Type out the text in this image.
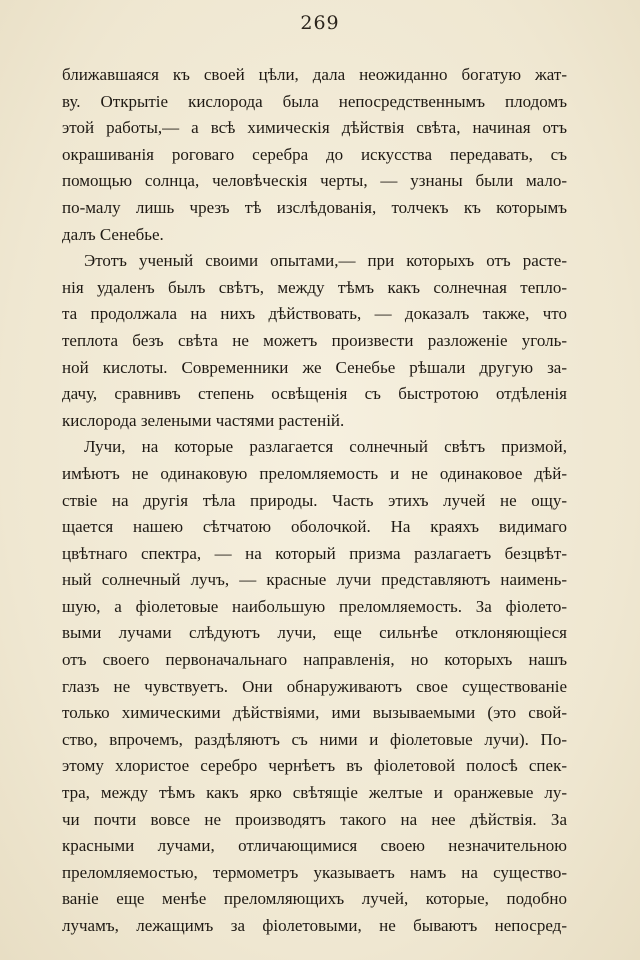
269
ближавшаяся къ своей цѣли, дала неожиданно богатую жат-
ву. Открытіе кислорода была непосредственнымъ плодомъ
этой работы,— а всѣ химическія дѣйствія свѣта, начиная отъ
окрашиванія роговаго серебра до искусства передавать, съ
помощью солнца, человѣческія черты, — узнаны были мало-
по-малу лишь чрезъ тѣ изслѣдованія, толчекъ къ которымъ
далъ Сенебье.
Этотъ ученый своими опытами,— при которыхъ отъ расте-
нія удаленъ былъ свѣтъ, между тѣмъ какъ солнечная тепло-
та продолжала на нихъ дѣйствовать, — доказалъ также, что
теплота безъ свѣта не можетъ произвести разложеніе уголь-
ной кислоты. Современники же Сенебье рѣшали другую за-
дачу, сравнивъ степень освѣщенія съ быстротою отдѣленія
кислорода зелеными частями растеній.
Лучи, на которые разлагается солнечный свѣтъ призмой,
имѣютъ не одинаковую преломляемость и не одинаковое дѣй-
ствіе на другія тѣла природы. Часть этихъ лучей не ощу-
щается нашею сѣтчатою оболочкой. На краяхъ видимаго
цвѣтнаго спектра, — на который призма разлагаетъ безцвѣт-
ный солнечный лучъ, — красные лучи представляютъ наимень-
шую, а фіолетовые наибольшую преломляемость. За фіолето-
выми лучами слѣдуютъ лучи, еще сильнѣе отклоняющіеся
отъ своего первоначальнаго направленія, но которыхъ нашъ
глазъ не чувствуетъ. Они обнаруживаютъ свое существованіе
только химическими дѣйствіями, ими вызываемыми (это свой-
ство, впрочемъ, раздѣляютъ съ ними и фіолетовые лучи). По-
этому хлористое серебро чернѣетъ въ фіолетовой полосѣ спек-
тра, между тѣмъ какъ ярко свѣтящіе желтые и оранжевые лу-
чи почти вовсе не производятъ такого на нее дѣйствія. За
красными лучами, отличающимися своею незначительною
преломляемостью, термометръ указываетъ намъ на существо-
ваніе еще менѣе преломляющихъ лучей, которые, подобно
лучамъ, лежащимъ за фіолетовыми, не бываютъ непосред-
